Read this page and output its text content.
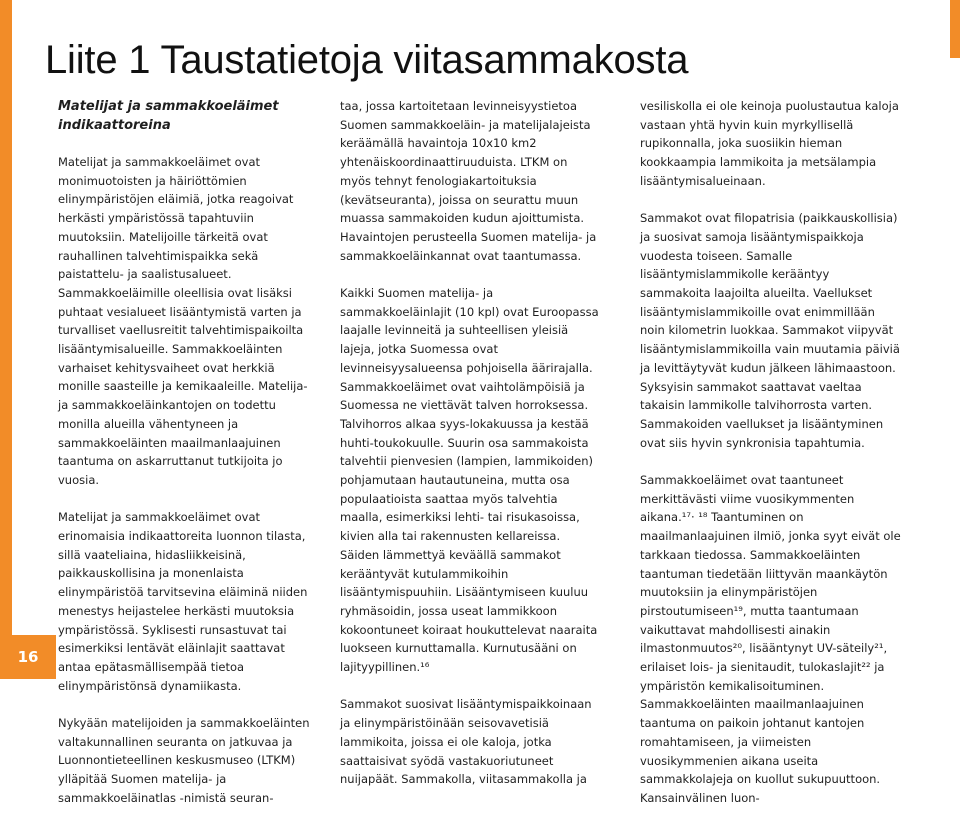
Liite 1 Taustatietoja viitasammakosta

Matelijat ja sammakkoeläimet indikaattoreina

Matelijat ja sammakkoeläimet ovat monimuotoisten ja häiriöttömien elinympäristöjen eläimiä, jotka reagoivat herkästi ympäristössä tapahtuviin muutoksiin. Matelijoille tärkeitä ovat rauhallinen talvehtimispaikka sekä paistattelu- ja saalistusalueet. Sammakkoeläimille oleellisia ovat lisäksi puhtaat vesialueet lisääntymistä varten ja turvalliset vaellusreitit talvehtimispaikoilta lisääntymisalueille. Sammakkoeläinten varhaiset kehitysvaiheet ovat herkkiä monille saasteille ja kemikaaleille. Matelija- ja sammakkoeläinkantojen on todettu monilla alueilla vähentyneen ja sammakkoeläinten maailmanlaajuinen taantuma on askarruttanut tutkijoita jo vuosia.

Matelijat ja sammakkoeläimet ovat erinomaisia indikaattoreita luonnon tilasta, sillä vaateliaina, hidasliikkeisinä, paikkauskollisina ja monenlaista elinympäristöä tarvitsevina eläiminä niiden menestys heijastelee herkästi muutoksia ympäristössä. Syklisesti runsastuvat tai esimerkiksi lentävät eläinlajit saattavat antaa epätasmällisempää tietoa elinympäristönsä dynamiikasta.

Nykyään matelijoiden ja sammakkoeläinten valtakunnallinen seuranta on jatkuvaa ja Luonnontieteellinen keskusmuseo (LTKM) ylläpitää Suomen matelija- ja sammakkoeläinatlas -nimistä seuran-

taa, jossa kartoitetaan levinneisyystietoa Suomen sammakkoeläin- ja matelijalajeista keräämällä havaintoja 10x10 km2 yhtenäiskoordinaattiruuduista. LTKM on myös tehnyt fenologiakartoituksia (kevätseuranta), joissa on seurattu muun muassa sammakoiden kudun ajoittumista. Havaintojen perusteella Suomen matelija- ja sammakkoeläinkannat ovat taantumassa.

Kaikki Suomen matelija- ja sammakkoeläinlajit (10 kpl) ovat Euroopassa laajalle levinneitä ja suhteellisen yleisiä lajeja, jotka Suomessa ovat levinneisyysalueensa pohjoisella äärirajalla. Sammakkoeläimet ovat vaihtolämpöisiä ja Suomessa ne viettävät talven horroksessa. Talvihorros alkaa syys-lokakuussa ja kestää huhti-toukokuulle. Suurin osa sammakoista talvehtii pienvesien (lampien, lammikoiden) pohjamutaan hautautuneina, mutta osa populaatioista saattaa myös talvehtia maalla, esimerkiksi lehti- tai risukasoissa, kivien alla tai rakennusten kellareissa. Säiden lämmettyä keväällä sammakot kerääntyvät kutulammikoihin lisääntymispuuhiin. Lisääntymiseen kuuluu ryhmäsoidin, jossa useat lammikkoon kokoontuneet koiraat houkuttelevat naaraita luokseen kurnuttamalla. Kurnutusääni on lajityypillinen.¹⁶

Sammakot suosivat lisääntymispaikkoinaan ja elinympäristöinään seisovavetisiä lammikoita, joissa ei ole kaloja, jotka saattaisivat syödä vastakuoriutuneet nuijapäät. Sammakolla, viitasammakolla ja

vesiliskolla ei ole keinoja puolustautua kaloja vastaan yhtä hyvin kuin myrkyllisellä rupikonnalla, joka suosiikin hieman kookkaampia lammikoita ja metsälampia lisääntymisalueinaan.

Sammakot ovat filopatrisia (paikkauskollisia) ja suosivat samoja lisääntymispaikkoja vuodesta toiseen. Samalle lisääntymislammikolle kerääntyy sammakoita laajoilta alueilta. Vaellukset lisääntymislammikoille ovat enimmillään noin kilometrin luokkaa. Sammakot viipyvät lisääntymislammikoilla vain muutamia päiviä ja levittäytyvät kudun jälkeen lähimaastoon. Syksyisin sammakot saattavat vaeltaa takaisin lammikolle talvihorrosta varten. Sammakoiden vaellukset ja lisääntyminen ovat siis hyvin synkronisia tapahtumia.

Sammakkoeläimet ovat taantuneet merkittävästi viime vuosikymmenten aikana.¹⁷· ¹⁸ Taantuminen on maailmanlaajuinen ilmiö, jonka syyt eivät ole tarkkaan tiedossa. Sammakkoeläinten taantuman tiedetään liittyvän maankäytön muutoksiin ja elinympäristöjen pirstoutumiseen¹⁹, mutta taantumaan vaikuttavat mahdollisesti ainakin ilmastonmuutos²⁰, lisääntynyt UV-säteily²¹, erilaiset lois- ja sienitaudit, tulokaslajit²² ja ympäristön kemikalisoituminen. Sammakkoeläinten maailmanlaajuinen taantuma on paikoin johtanut kantojen romahtamiseen, ja viimeisten vuosikymmenien aikana useita sammakkolajeja on kuollut sukupuuttoon. Kansainvälinen luon-

16
